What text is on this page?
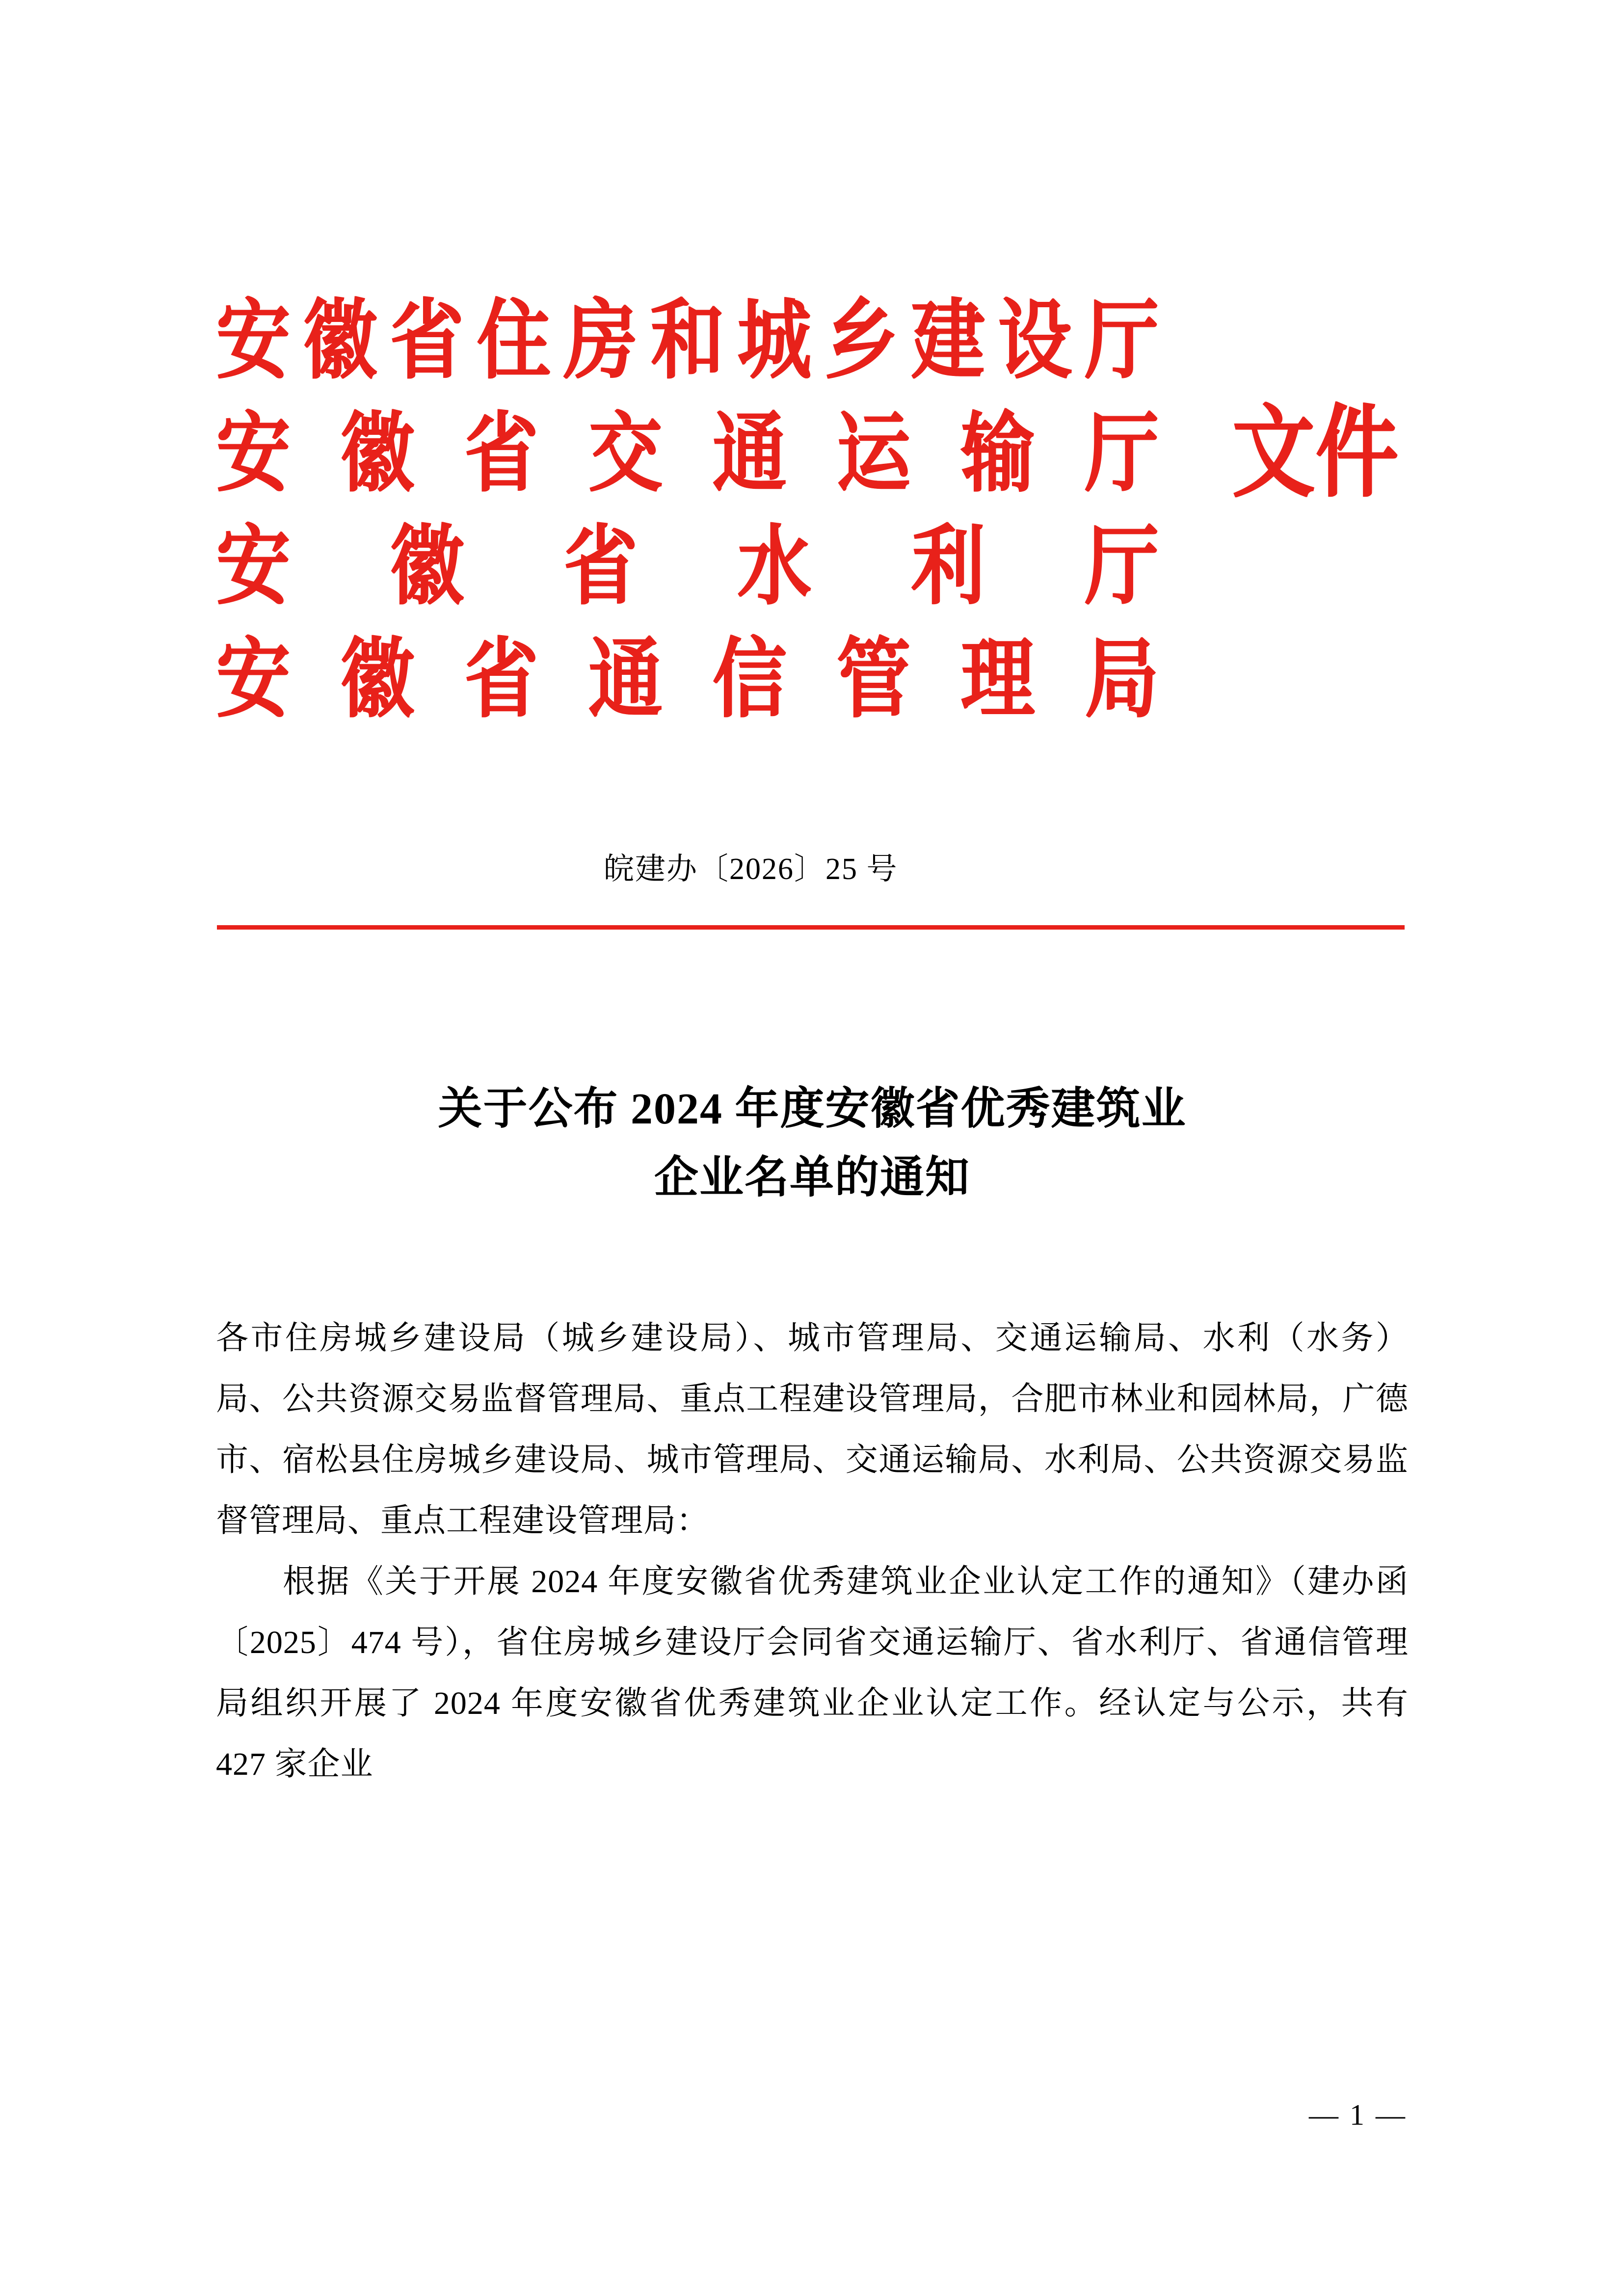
安 徽 省 住 房 和 城 乡 建 设 厅
安 徽 省 交 通 运 输 厅
安 徽 省 水 利 厅
安 徽 省 通 信 管 理 局
文件
皖建办〔2026〕25 号
关于公布 2024 年度安徽省优秀建筑业
企业名单的通知

各市住房城乡建设局（城乡建设局）、城市管理局、交通运输局、水利（水务）局、公共资源交易监督管理局、重点工程建设管理局，合肥市林业和园林局，广德市、宿松县住房城乡建设局、城市管理局、交通运输局、水利局、公共资源交易监督管理局、重点工程建设管理局：

根据《关于开展 2024 年度安徽省优秀建筑业企业认定工作的通知》（建办函〔2025〕474 号），省住房城乡建设厅会同省交通运输厅、省水利厅、省通信管理局组织开展了 2024 年度安徽省优秀建筑业企业认定工作。经认定与公示，共有 427 家企业

— 1 —
